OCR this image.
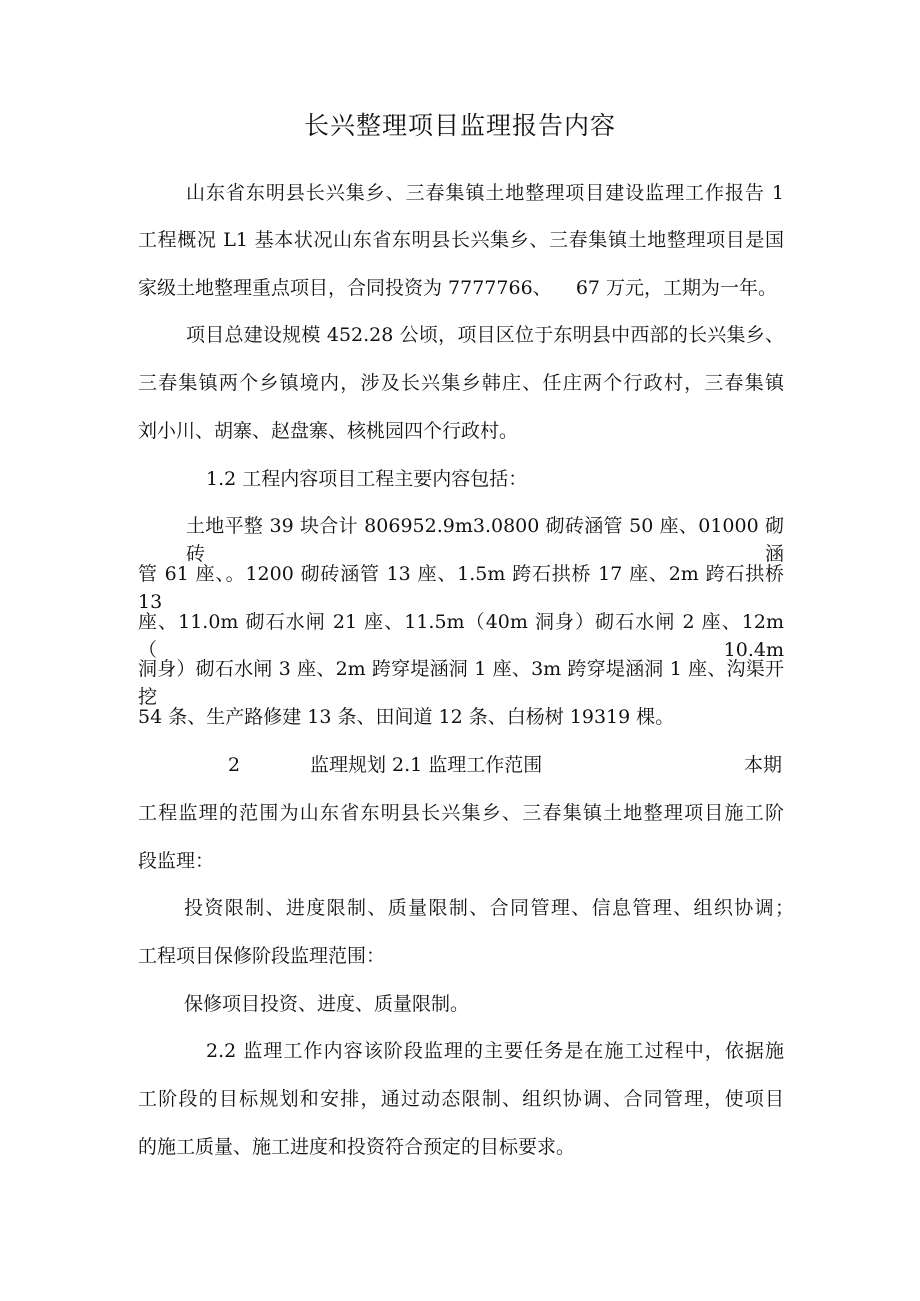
长兴整理项目监理报告内容
山东省东明县长兴集乡、三春集镇土地整理项目建设监理工作报告 1
工程概况 L1 基本状况山东省东明县长兴集乡、三春集镇土地整理项目是国
家级土地整理重点项目，合同投资为 7777766、    67 万元，工期为一年。
项目总建设规模 452.28 公顷，项目区位于东明县中西部的长兴集乡、
三春集镇两个乡镇境内，涉及长兴集乡韩庄、任庄两个行政村，三春集镇
刘小川、胡寨、赵盘寨、核桃园四个行政村。
1.2 工程内容项目工程主要内容包括：
土地平整 39 块合计 806952.9m3.0800 砌砖涵管 50 座、01000 砌砖涵
管 61 座、。1200 砌砖涵管 13 座、1.5m 跨石拱桥 17 座、2m 跨石拱桥 13
座、11.0m 砌石水闸 21 座、11.5m（40m 洞身）砌石水闸 2 座、12m（10.4m
洞身）砌石水闸 3 座、2m 跨穿堤涵洞 1 座、3m 跨穿堤涵洞 1 座、沟渠开挖
54 条、生产路修建 13 条、田间道 12 条、白杨树 19319 棵。
2	监理规划 2.1 监理工作范围	本期
工程监理的范围为山东省东明县长兴集乡、三春集镇土地整理项目施工阶
段监理：
投资限制、进度限制、质量限制、合同管理、信息管理、组织协调；
工程项目保修阶段监理范围：
保修项目投资、进度、质量限制。
2.2 监理工作内容该阶段监理的主要任务是在施工过程中，依据施
工阶段的目标规划和安排，通过动态限制、组织协调、合同管理，使项目
的施工质量、施工进度和投资符合预定的目标要求。
